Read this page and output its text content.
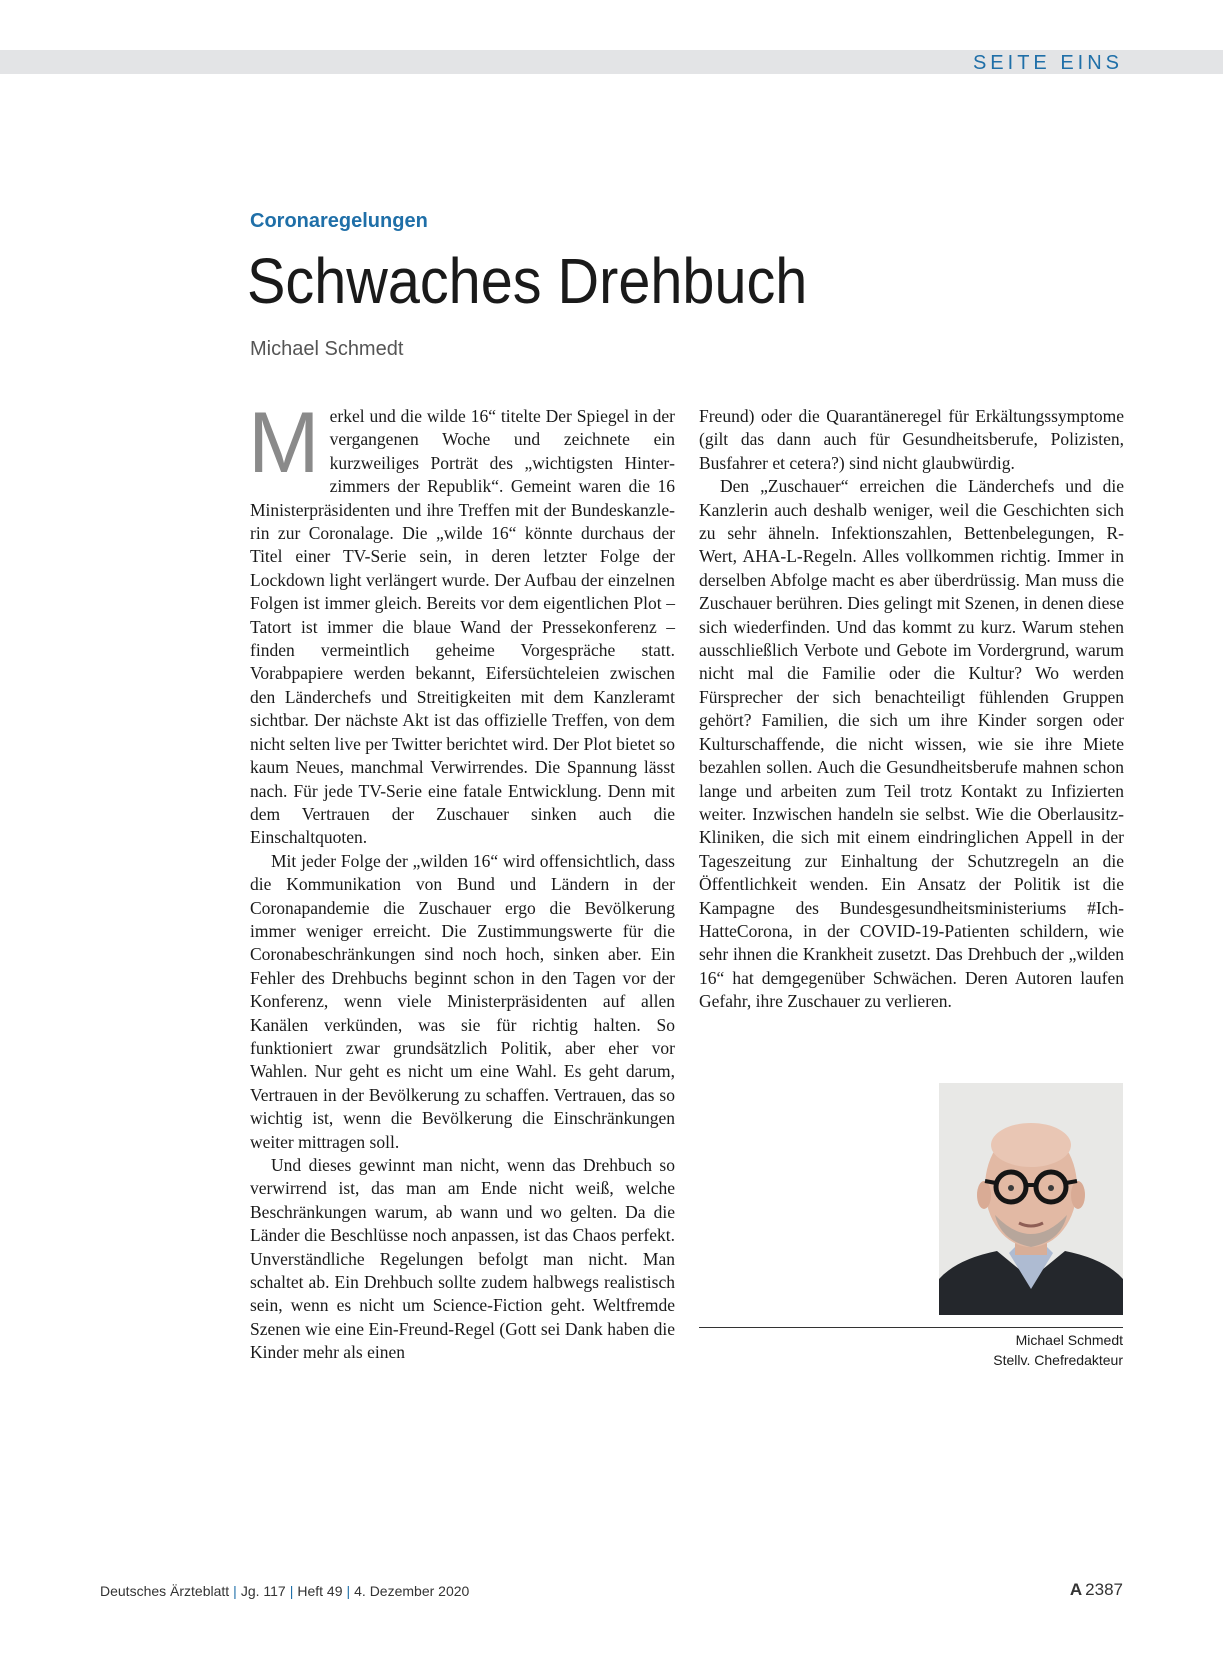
SEITE EINS
Coronaregelungen
Schwaches Drehbuch
Michael Schmedt

Merkel und die wilde 16“ titelte Der Spiegel in der vergangenen Woche und zeichnete ein kurzweiliges Porträt des „wichtigsten Hinterzimmers der Republik“. Gemeint waren die 16 Ministerpräsidenten und ihre Treffen mit der Bundeskanzlerin zur Coronalage. Die „wilde 16“ könnte durchaus der Titel einer TV-Serie sein, in deren letzter Folge der Lockdown light verlängert wurde. Der Aufbau der einzelnen Folgen ist immer gleich. Bereits vor dem eigentlichen Plot – Tatort ist immer die blaue Wand der Pressekonferenz – finden vermeintlich geheime Vorgespräche statt. Vorabpapiere werden bekannt, Eifersüchteleien zwischen den Länderchefs und Streitigkeiten mit dem Kanzleramt sichtbar. Der nächste Akt ist das offizielle Treffen, von dem nicht selten live per Twitter berichtet wird. Der Plot bietet so kaum Neues, manchmal Verwirrendes. Die Spannung lässt nach. Für jede TV-Serie eine fatale Entwicklung. Denn mit dem Vertrauen der Zuschauer sinken auch die Einschaltquoten.

Mit jeder Folge der „wilden 16“ wird offensichtlich, dass die Kommunikation von Bund und Ländern in der Coronapandemie die Zuschauer ergo die Bevölkerung immer weniger erreicht. Die Zustimmungswerte für die Coronabeschränkungen sind noch hoch, sinken aber. Ein Fehler des Drehbuchs beginnt schon in den Tagen vor der Konferenz, wenn viele Ministerpräsidenten auf allen Kanälen verkünden, was sie für richtig halten. So funktioniert zwar grundsätzlich Politik, aber eher vor Wahlen. Nur geht es nicht um eine Wahl. Es geht darum, Vertrauen in der Bevölkerung zu schaffen. Vertrauen, das so wichtig ist, wenn die Bevölkerung die Einschränkungen weiter mittragen soll.

Und dieses gewinnt man nicht, wenn das Drehbuch so verwirrend ist, das man am Ende nicht weiß, welche Beschränkungen warum, ab wann und wo gelten. Da die Länder die Beschlüsse noch anpassen, ist das Chaos perfekt. Unverständliche Regelungen befolgt man nicht. Man schaltet ab. Ein Drehbuch sollte zudem halbwegs realistisch sein, wenn es nicht um Science-Fiction geht. Weltfremde Szenen wie eine Ein-Freund-Regel (Gott sei Dank haben die Kinder mehr als einen

Freund) oder die Quarantäneregel für Erkältungssymptome (gilt das dann auch für Gesundheitsberufe, Polizisten, Busfahrer et cetera?) sind nicht glaubwürdig.

Den „Zuschauer“ erreichen die Länderchefs und die Kanzlerin auch deshalb weniger, weil die Geschichten sich zu sehr ähneln. Infektionszahlen, Bettenbelegungen, R-Wert, AHA-L-Regeln. Alles vollkommen richtig. Immer in derselben Abfolge macht es aber überdrüssig. Man muss die Zuschauer berühren. Dies gelingt mit Szenen, in denen diese sich wiederfinden. Und das kommt zu kurz. Warum stehen ausschließlich Verbote und Gebote im Vordergrund, warum nicht mal die Familie oder die Kultur? Wo werden Fürsprecher der sich benachteiligt fühlenden Gruppen gehört? Familien, die sich um ihre Kinder sorgen oder Kulturschaffende, die nicht wissen, wie sie ihre Miete bezahlen sollen. Auch die Gesundheitsberufe mahnen schon lange und arbeiten zum Teil trotz Kontakt zu Infizierten weiter. Inzwischen handeln sie selbst. Wie die Oberlausitz-Kliniken, die sich mit einem eindringlichen Appell in der Tageszeitung zur Einhaltung der Schutzregeln an die Öffentlichkeit wenden. Ein Ansatz der Politik ist die Kampagne des Bundesgesundheitsministeriums #IchHatteCorona, in der COVID-19-Patienten schildern, wie sehr ihnen die Krankheit zusetzt. Das Drehbuch der „wilden 16“ hat demgegenüber Schwächen. Deren Autoren laufen Gefahr, ihre Zuschauer zu verlieren.

Michael Schmedt
Stellv. Chefredakteur
Deutsches Ärzteblatt | Jg. 117 | Heft 49 | 4. Dezember 2020	A 2387
